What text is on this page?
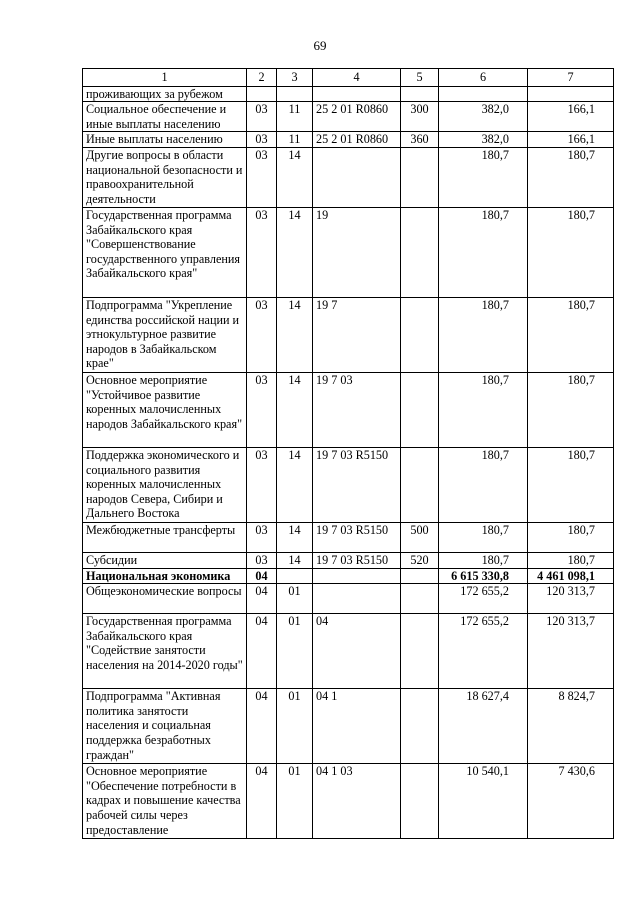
69
1	2	3	4	5	6	7
проживающих за рубежом						
Социальное обеспечение и иные выплаты населению	03	11	25 2 01 R0860	300	382,0	166,1
Иные выплаты населению	03	11	25 2 01 R0860	360	382,0	166,1
Другие вопросы в области национальной безопасности и правоохранительной деятельности	03	14			180,7	180,7
Государственная программа Забайкальского края "Совершенствование государственного управления Забайкальского края"	03	14	19		180,7	180,7
Подпрограмма "Укрепление единства российской нации и этнокультурное развитие народов в Забайкальском крае"	03	14	19 7		180,7	180,7
Основное мероприятие "Устойчивое развитие коренных малочисленных народов Забайкальского края"	03	14	19 7 03		180,7	180,7
Поддержка экономического и социального развития коренных малочисленных народов Севера, Сибири и Дальнего Востока	03	14	19 7 03 R5150		180,7	180,7
Межбюджетные трансферты	03	14	19 7 03 R5150	500	180,7	180,7
Субсидии	03	14	19 7 03 R5150	520	180,7	180,7
Национальная экономика	04				6 615 330,8	4 461 098,1
Общеэкономические вопросы	04	01			172 655,2	120 313,7
Государственная программа Забайкальского края "Содействие занятости населения на 2014-2020 годы"	04	01	04		172 655,2	120 313,7
Подпрограмма "Активная политика занятости населения и социальная поддержка безработных граждан"	04	01	04 1		18 627,4	8 824,7
Основное мероприятие "Обеспечение потребности в кадрах и повышение качества рабочей силы через предоставление	04	01	04 1 03		10 540,1	7 430,6
